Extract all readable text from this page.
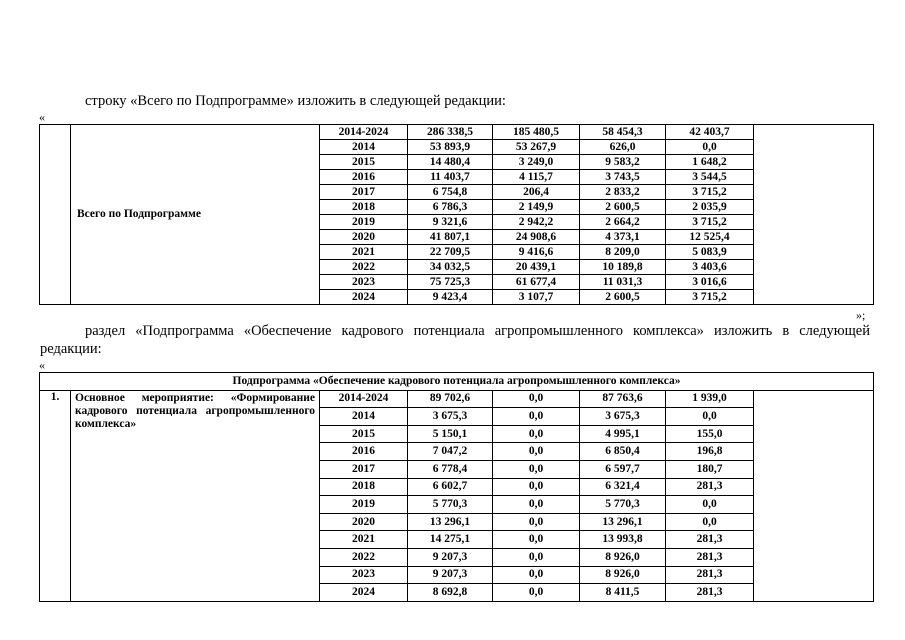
строку «Всего по Подпрограмме» изложить в следующей редакции:
«
	Всего по Подпрограмме	2014-2024	286 338,5	185 480,5	58 454,3	42 403,7	
		2014	53 893,9	53 267,9	626,0	0,0	
		2015	14 480,4	3 249,0	9 583,2	1 648,2	
		2016	11 403,7	4 115,7	3 743,5	3 544,5	
		2017	6 754,8	206,4	2 833,2	3 715,2	
		2018	6 786,3	2 149,9	2 600,5	2 035,9	
		2019	9 321,6	2 942,2	2 664,2	3 715,2	
		2020	41 807,1	24 908,6	4 373,1	12 525,4	
		2021	22 709,5	9 416,6	8 209,0	5 083,9	
		2022	34 032,5	20 439,1	10 189,8	3 403,6	
		2023	75 725,3	61 677,4	11 031,3	3 016,6	
		2024	9 423,4	3 107,7	2 600,5	3 715,2	
»;
раздел «Подпрограмма «Обеспечение кадрового потенциала агропромышленного комплекса» изложить в следующей редакции:
«
Подпрограмма «Обеспечение кадрового потенциала агропромышленного комплекса»							
1.	Основное мероприятие: «Формирование кадрового потенциала агропромышленного
комплекса»	2014-2024	89 702,6	0,0	87 763,6	1 939,0	
		2014	3 675,3	0,0	3 675,3	0,0	
		2015	5 150,1	0,0	4 995,1	155,0	
		2016	7 047,2	0,0	6 850,4	196,8	
		2017	6 778,4	0,0	6 597,7	180,7	
		2018	6 602,7	0,0	6 321,4	281,3	
		2019	5 770,3	0,0	5 770,3	0,0	
		2020	13 296,1	0,0	13 296,1	0,0	
		2021	14 275,1	0,0	13 993,8	281,3	
		2022	9 207,3	0,0	8 926,0	281,3	
		2023	9 207,3	0,0	8 926,0	281,3	
		2024	8 692,8	0,0	8 411,5	281,3	
